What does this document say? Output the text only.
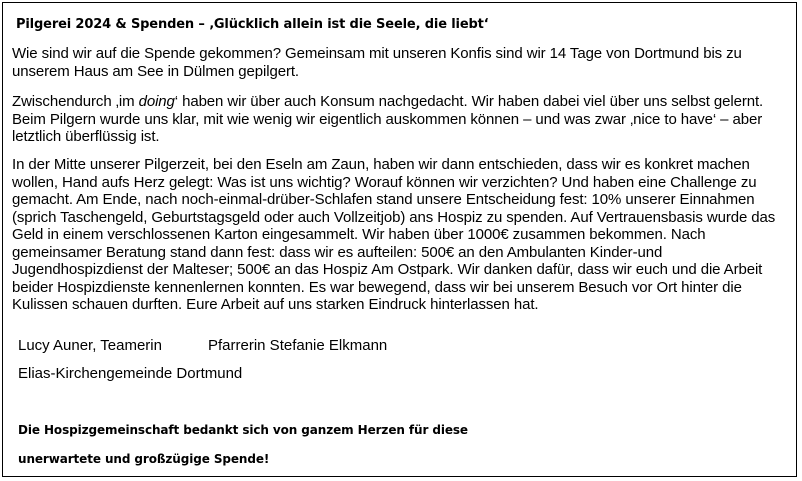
Pilgerei 2024 & Spenden – ‚Glücklich allein ist die Seele, die liebt‘

Wie sind wir auf die Spende gekommen? Gemeinsam mit unseren Konfis sind wir 14 Tage von Dortmund bis zu unserem Haus am See in Dülmen gepilgert.

Zwischendurch ‚im doing‘ haben wir über auch Konsum nachgedacht. Wir haben dabei viel über uns selbst gelernt. Beim Pilgern wurde uns klar, mit wie wenig wir eigentlich auskommen können – und was zwar ‚nice to have‘ – aber letztlich überflüssig ist.

In der Mitte unserer Pilgerzeit, bei den Eseln am Zaun, haben wir dann entschieden, dass wir es konkret machen wollen, Hand aufs Herz gelegt: Was ist uns wichtig? Worauf können wir verzichten? Und haben eine Challenge zu gemacht. Am Ende, nach noch-einmal-drüber-Schlafen stand unsere Entscheidung fest: 10% unserer Einnahmen (sprich Taschengeld, Geburtstagsgeld oder auch Vollzeitjob) ans Hospiz zu spenden. Auf Vertrauensbasis wurde das Geld in einem verschlossenen Karton eingesammelt. Wir haben über 1000€ zusammen bekommen. Nach gemeinsamer Beratung stand dann fest: dass wir es aufteilen: 500€ an den Ambulanten Kinder-und Jugendhospizdienst der Malteser; 500€ an das Hospiz Am Ostpark. Wir danken dafür, dass wir euch und die Arbeit beider Hospizdienste kennenlernen konnten. Es war bewegend, dass wir bei unserem Besuch vor Ort hinter die Kulissen schauen durften. Eure Arbeit auf uns starken Eindruck hinterlassen hat.

Lucy Auner, Teamerin	Pfarrerin Stefanie Elkmann

Elias-Kirchengemeinde Dortmund

Die Hospizgemeinschaft bedankt sich von ganzem Herzen für diese

unerwartete und großzügige Spende!
